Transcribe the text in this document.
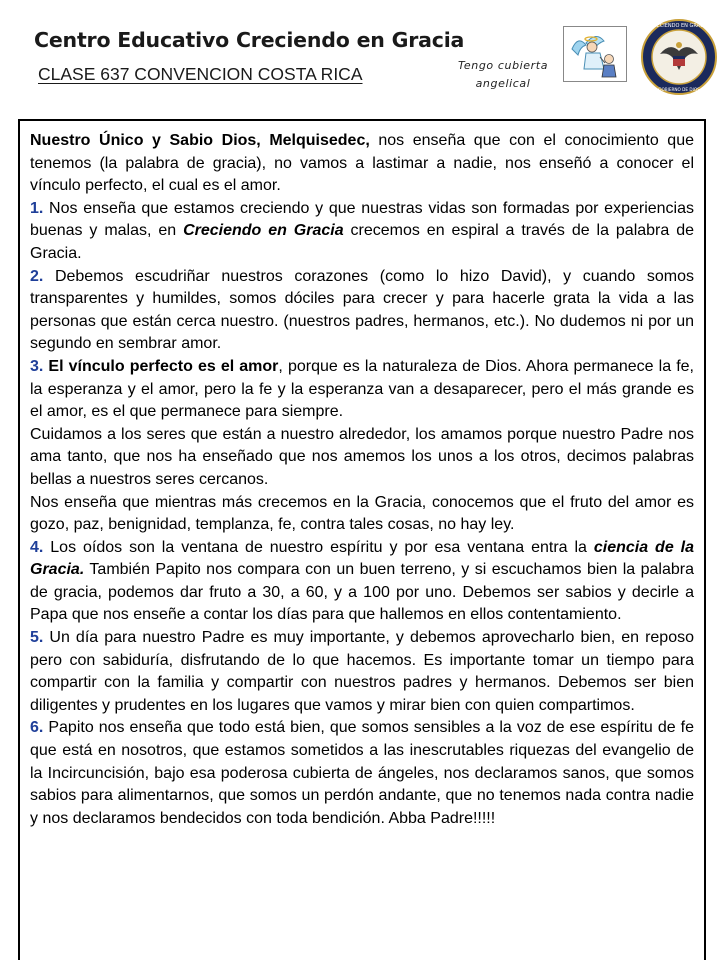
Centro Educativo Creciendo en Gracia
CLASE 637 CONVENCION COSTA RICA	Tengo cubierta
angelical
CRECIENDO EN GRACIA
GOBIERNO DE DIOS

Nuestro Único y Sabio Dios, Melquisedec, nos enseña que con el conocimiento que tenemos (la palabra de gracia), no vamos a lastimar a nadie, nos enseñó a conocer el vínculo perfecto, el cual es el amor.

1. Nos enseña que estamos creciendo y que nuestras vidas son formadas por experiencias buenas y malas, en Creciendo en Gracia crecemos en espiral a través de la palabra de Gracia.

2. Debemos escudriñar nuestros corazones (como lo hizo David), y cuando somos transparentes y humildes, somos dóciles para crecer y para hacerle grata la vida a las personas que están cerca nuestro. (nuestros padres, hermanos, etc.). No dudemos ni por un segundo en sembrar amor.

3. El vínculo perfecto es el amor, porque es la naturaleza de Dios. Ahora permanece la fe, la esperanza y el amor, pero la fe y la esperanza van a desaparecer, pero el más grande es el amor, es el que permanece para siempre.

Cuidamos a los seres que están a nuestro alrededor, los amamos porque nuestro Padre nos ama tanto, que nos ha enseñado que nos amemos los unos a los otros, decimos palabras bellas a nuestros seres cercanos.

Nos enseña que mientras más crecemos en la Gracia, conocemos que el fruto del amor es gozo, paz, benignidad, templanza, fe, contra tales cosas, no hay ley.

4. Los oídos son la ventana de nuestro espíritu y por esa ventana entra la ciencia de la Gracia. También Papito nos compara con un buen terreno, y si escuchamos bien la palabra de gracia, podemos dar fruto a 30, a 60, y a 100 por uno. Debemos ser sabios y decirle a Papa que nos enseñe a contar los días para que hallemos en ellos contentamiento.

5. Un día para nuestro Padre es muy importante, y debemos aprovecharlo bien, en reposo pero con sabiduría, disfrutando de lo que hacemos. Es importante tomar un tiempo para compartir con la familia y compartir con nuestros padres y hermanos. Debemos ser bien diligentes y prudentes en los lugares que vamos y mirar bien con quien compartimos.

6. Papito nos enseña que todo está bien, que somos sensibles a la voz de ese espíritu de fe que está en nosotros, que estamos sometidos a las inescrutables riquezas del evangelio de la Incircuncisión, bajo esa poderosa cubierta de ángeles, nos declaramos sanos, que somos sabios para alimentarnos, que somos un perdón andante, que no tenemos nada contra nadie y nos declaramos bendecidos con toda bendición. Abba Padre!!!!!
